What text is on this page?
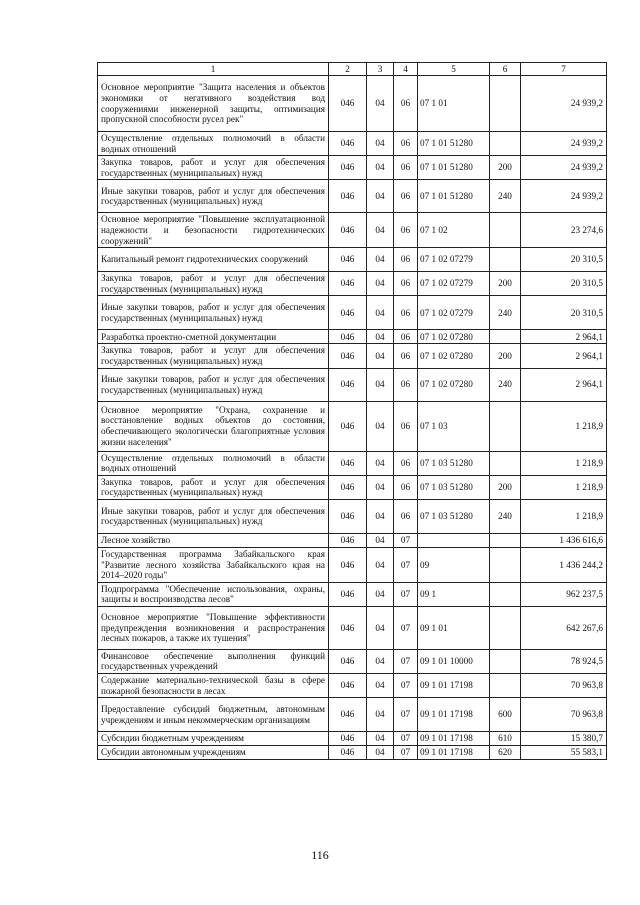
1	2	3	4	5	6	7
Основное мероприятие "Защита населения и объектов экономики от негативного воздействия вод сооружениями инженерной защиты, оптимизация пропускной способности русел рек"	046	04	06	07 1 01		24 939,2
Осуществление отдельных полномочий в области водных отношений	046	04	06	07 1 01 51280		24 939,2
Закупка товаров, работ и услуг для обеспечения государственных (муниципальных) нужд	046	04	06	07 1 01 51280	200	24 939,2
Иные закупки товаров, работ и услуг для обеспечения государственных (муниципальных) нужд	046	04	06	07 1 01 51280	240	24 939,2
Основное мероприятие "Повышение эксплуатационной надежности и безопасности гидротехнических сооружений"	046	04	06	07 1 02		23 274,6
Капитальный ремонт гидротехнических сооружений	046	04	06	07 1 02 07279		20 310,5
Закупка товаров, работ и услуг для обеспечения государственных (муниципальных) нужд	046	04	06	07 1 02 07279	200	20 310,5
Иные закупки товаров, работ и услуг для обеспечения государственных (муниципальных) нужд	046	04	06	07 1 02 07279	240	20 310,5
Разработка проектно-сметной документации	046	04	06	07 1 02 07280		2 964,1
Закупка товаров, работ и услуг для обеспечения государственных (муниципальных) нужд	046	04	06	07 1 02 07280	200	2 964,1
Иные закупки товаров, работ и услуг для обеспечения государственных (муниципальных) нужд	046	04	06	07 1 02 07280	240	2 964,1
Основное мероприятие "Охрана, сохранение и восстановление водных объектов до состояния, обеспечивающего экологически благоприятные условия жизни населения"	046	04	06	07 1 03		1 218,9
Осуществление отдельных полномочий в области водных отношений	046	04	06	07 1 03 51280		1 218,9
Закупка товаров, работ и услуг для обеспечения государственных (муниципальных) нужд	046	04	06	07 1 03 51280	200	1 218,9
Иные закупки товаров, работ и услуг для обеспечения государственных (муниципальных) нужд	046	04	06	07 1 03 51280	240	1 218,9
Лесное хозяйство	046	04	07			1 436 616,6
Государственная программа Забайкальского края "Развитие лесного хозяйства Забайкальского края на 2014–2020 годы"	046	04	07	09		1 436 244,2
Подпрограмма "Обеспечение использования, охраны, защиты и воспроизводства лесов"	046	04	07	09 1		962 237,5
Основное мероприятие "Повышение эффективности предупреждения возникновения и распространения лесных пожаров, а также их тушения"	046	04	07	09 1 01		642 267,6
Финансовое обеспечение выполнения функций государственных учреждений	046	04	07	09 1 01 10000		78 924,5
Содержание материально-технической базы в сфере пожарной безопасности в лесах	046	04	07	09 1 01 17198		70 963,8
Предоставление субсидий бюджетным, автономным учреждениям и иным некоммерческим организациям	046	04	07	09 1 01 17198	600	70 963,8
Субсидии бюджетным учреждениям	046	04	07	09 1 01 17198	610	15 380,7
Субсидии автономным учреждениям	046	04	07	09 1 01 17198	620	55 583,1
116
